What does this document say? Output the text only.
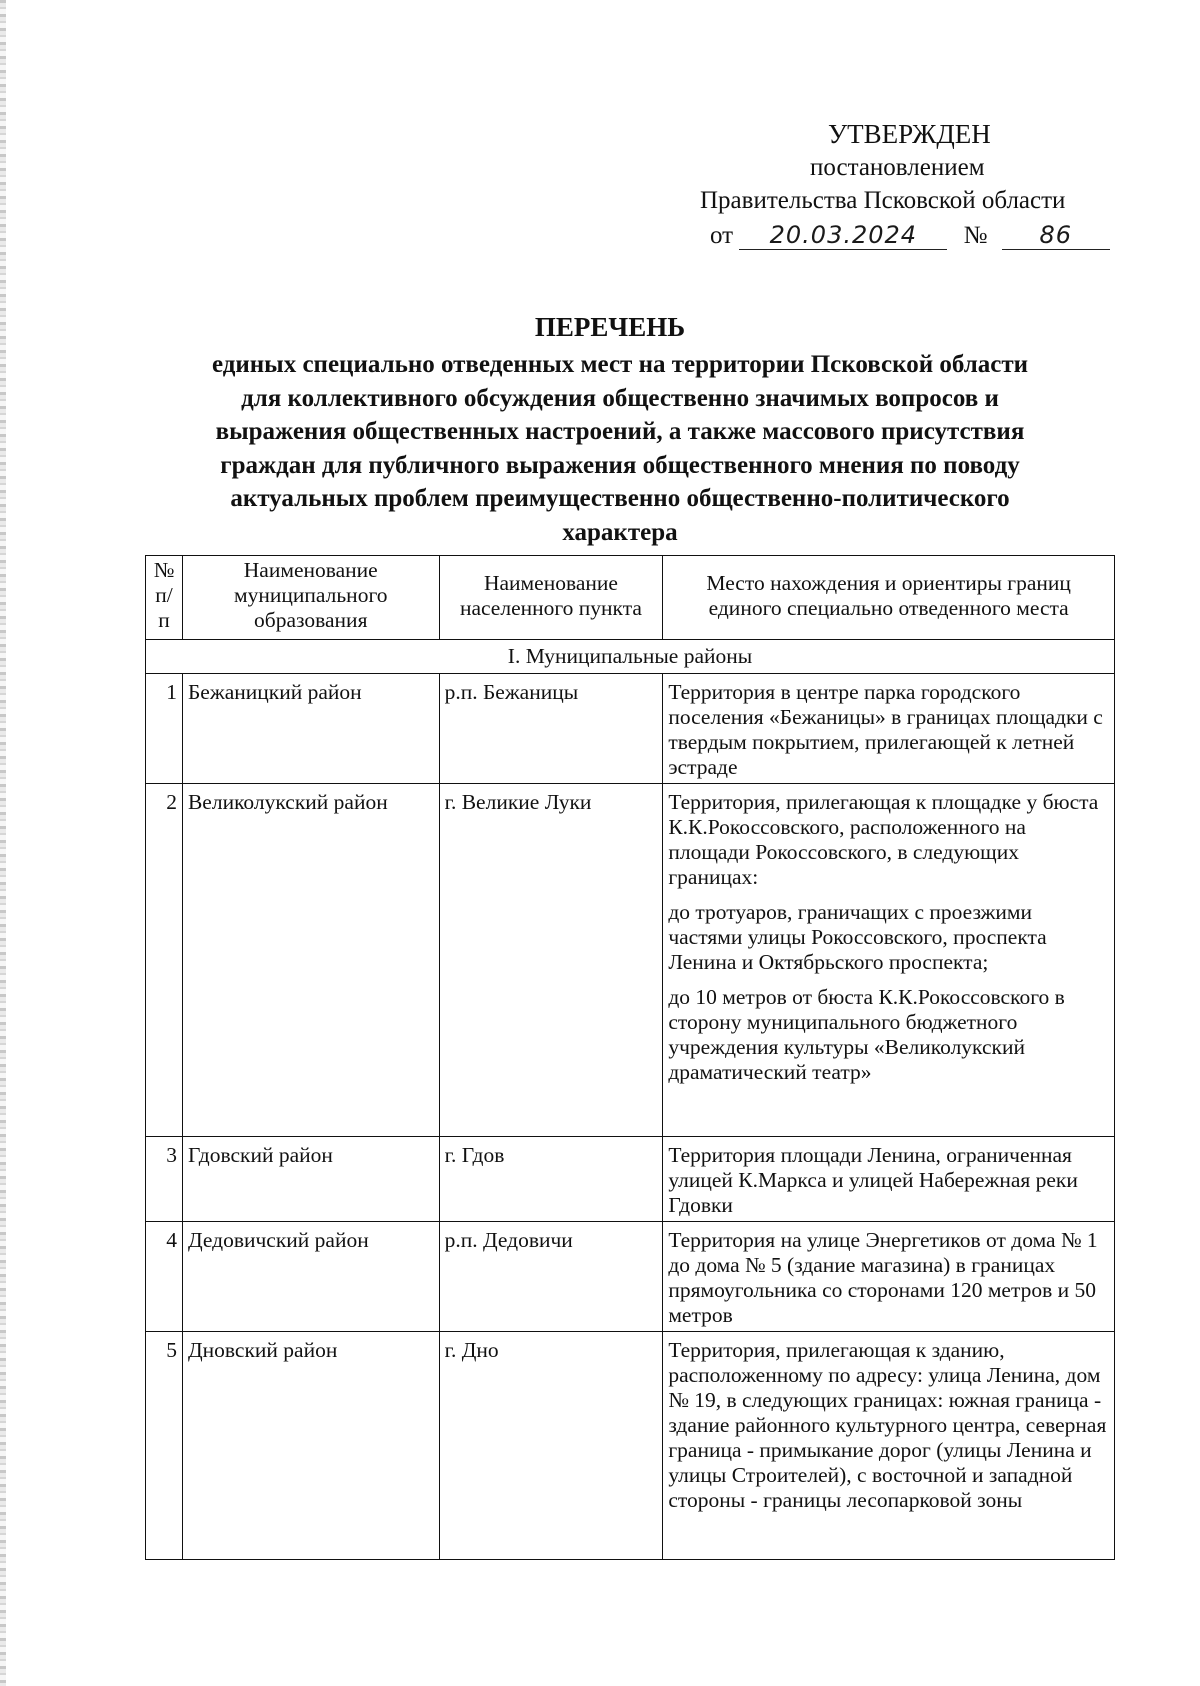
УТВЕРЖДЕН
постановлением
Правительства Псковской области
от 20.03.2024 № 86
ПЕРЕЧЕНЬ
единых специально отведенных мест на территории Псковской области
для коллективного обсуждения общественно значимых вопросов и
выражения общественных настроений, а также массового присутствия
граждан для публичного выражения общественного мнения по поводу
актуальных проблем преимущественно общественно-политического
характера
№ п/п	Наименование муниципального образования	Наименование населенного пункта	Место нахождения и ориентиры границ единого специально отведенного места
I. Муниципальные районы			
1	Бежаницкий район	р.п. Бежаницы	Территория в центре парка городского поселения «Бежаницы» в границах площадки с твердым покрытием, прилегающей к летней эстраде

2	Великолукский район	г. Великие Луки	Территория, прилегающая к площадке у бюста К.К.Рокоссовского, расположенного на площади Рокоссовского, в следующих границах:
до тротуаров, граничащих с проезжими частями улицы Рокоссовского, проспекта Ленина и Октябрьского проспекта;
до 10 метров от бюста К.К.Рокоссовского в сторону муниципального бюджетного учреждения культуры «Великолукский драматический театр»

3	Гдовский район	г. Гдов	Территория площади Ленина, ограниченная улицей К.Маркса и улицей Набережная реки Гдовки

4	Дедовичский район	р.п. Дедовичи	Территория на улице Энергетиков от дома № 1 до дома № 5 (здание магазина) в границах прямоугольника со сторонами 120 метров и 50 метров

5	Дновский район	г. Дно	Территория, прилегающая к зданию, расположенному по адресу: улица Ленина, дом № 19, в следующих границах: южная граница - здание районного культурного центра, северная граница - примыкание дорог (улицы Ленина и улицы Строителей), с восточной и западной стороны - границы лесопарковой зоны
